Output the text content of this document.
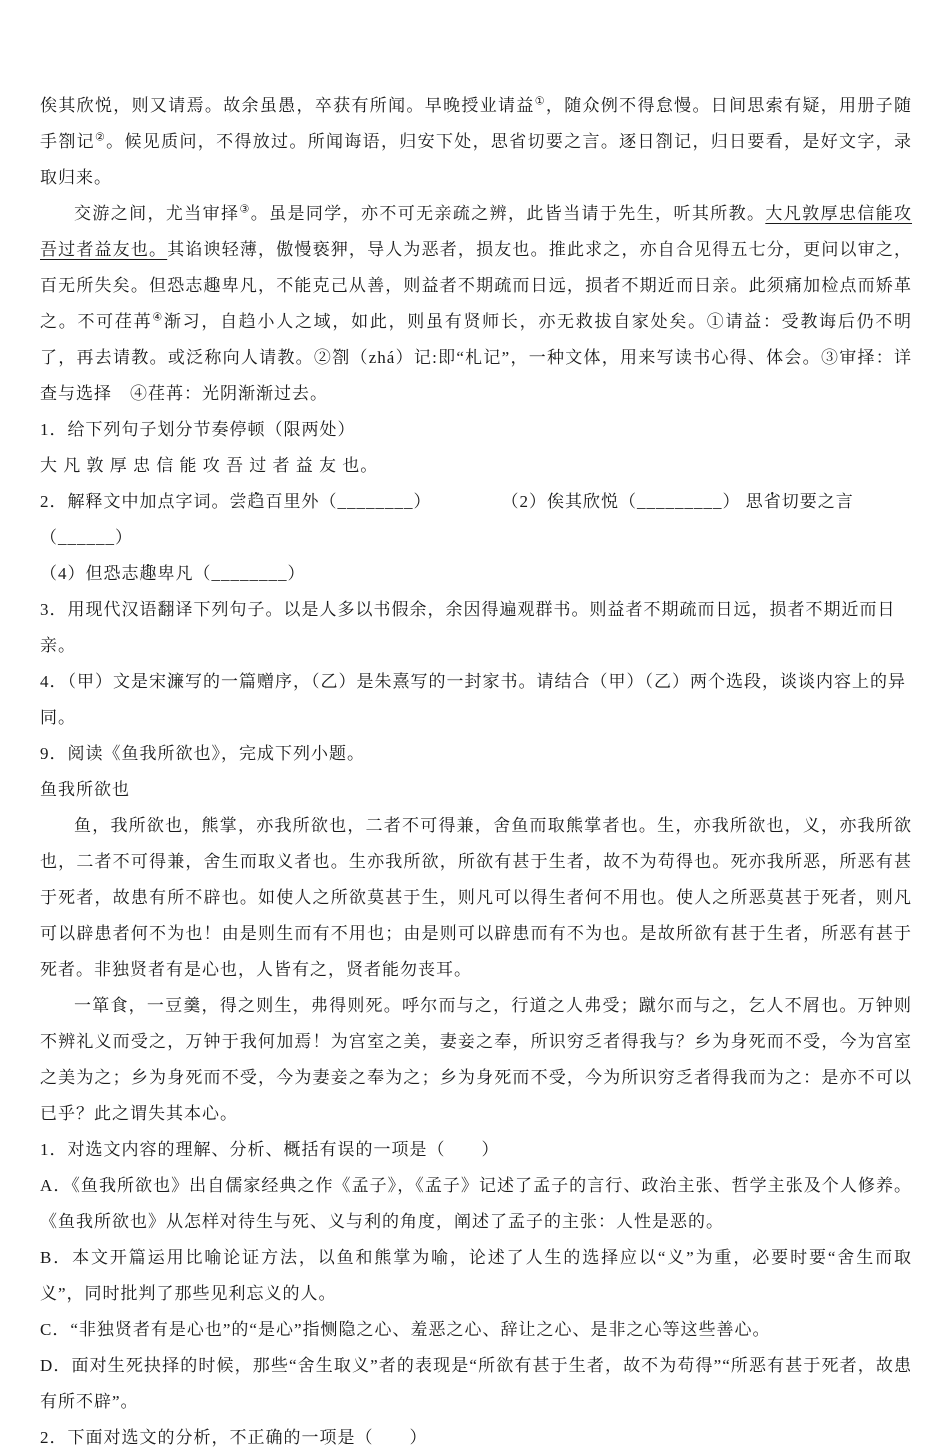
俟其欣悦，则又请焉。故余虽愚，卒获有所闻。早晚授业请益①，随众例不得怠慢。日间思索有疑，用册子随手劄记②。候见质问，不得放过。所闻诲语，归安下处，思省切要之言。逐日劄记，归日要看，是好文字，录取归来。

交游之间，尤当审择③。虽是同学，亦不可无亲疏之辨，此皆当请于先生，听其所教。大凡敦厚忠信能攻吾过者益友也。其谄谀轻薄，傲慢亵狎，导人为恶者，损友也。推此求之，亦自合见得五七分，更问以审之，百无所失矣。但恐志趣卑凡，不能克己从善，则益者不期疏而日远，损者不期近而日亲。此须痛加检点而矫革之。不可荏苒④渐习，自趋小人之域，如此，则虽有贤师长，亦无救拔自家处矣。①请益：受教诲后仍不明了，再去请教。或泛称向人请教。②劄（zhá）记:即“札记”，一种文体，用来写读书心得、体会。③审择：详查与选择　④荏苒：光阴渐渐过去。

1．给下列句子划分节奏停顿（限两处）

大 凡 敦 厚 忠 信 能 攻 吾 过 者 益 友 也。

2．解释文中加点字词。尝趋 •百里外（________）	（2）俟其欣悦（_________） 思省 •切要之言（______）

（4）但恐志趣 •卑凡（________）

3．用现代汉语翻译下列句子。以是人多以书假余，余因得遍观群书。则益者不期疏而日远，损者不期近而日亲。

4．（甲）文是宋濂写的一篇赠序，（乙）是朱熹写的一封家书。请结合（甲）（乙）两个选段，谈谈内容上的异同。

9．阅读《鱼我所欲也》，完成下列小题。

鱼我所欲也

鱼，我所欲也，熊掌，亦我所欲也，二者不可得兼，舍鱼而取熊掌者也。生，亦我所欲也，义，亦我所欲也，二者不可得兼，舍生而取义者也。生亦我所欲，所欲有甚于生者，故不为苟得也。死亦我所恶，所恶有甚于死者，故患有所不辟也。如使人之所欲莫甚于生，则凡可以得生者何不用也。使人之所恶莫甚于死者，则凡可以辟患者何不为也！由是则生而有不用也；由是则可以辟患而有不为也。是故所欲有甚于生者，所恶有甚于死者。非独贤者有是心也，人皆有之，贤者能勿丧耳。

一箪食，一豆羹，得之则生，弗得则死。呼尔而与之，行道之人弗受；蹴尔而与之，乞人不屑也。万钟则不辨礼义而受之，万钟于我何加焉！为宫室之美，妻妾之奉，所识穷乏者得我与？乡为身死而不受，今为宫室之美为之；乡为身死而不受，今为妻妾之奉为之；乡为身死而不受，今为所识穷乏者得我而为之：是亦不可以已乎？此之谓失其本心。

1．对选文内容的理解、分析、概括有误的一项是（　　）

A．《鱼我所欲也》出自儒家经典之作《孟子》，《孟子》记述了孟子的言行、政治主张、哲学主张及个人修养。《鱼我所欲也》从怎样对待生与死、义与利的角度，阐述了孟子的主张：人性是恶的。

B．本文开篇运用比喻论证方法，以鱼和熊掌为喻，论述了人生的选择应以“义”为重，必要时要“舍生而取义”，同时批判了那些见利忘义的人。

C．“非独贤者有是心也”的“是心”指恻隐之心、羞恶之心、辞让之心、是非之心等这些善心。

D．面对生死抉择的时候，那些“舍生取义”者的表现是“所欲有甚于生者，故不为苟得”“所恶有甚于死者，故患有所不辟”。

2．下面对选文的分析，不正确的一项是（　　）
